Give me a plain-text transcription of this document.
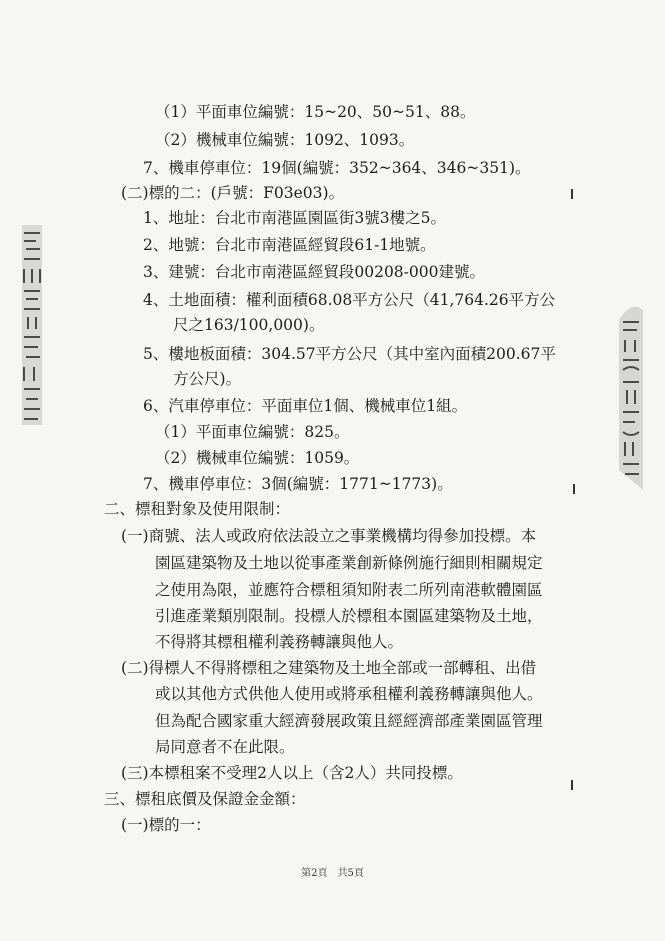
（1）平面車位編號：15~20、50~51、88。
（2）機械車位編號：1092、1093。
7、機車停車位：19個(編號：352~364、346~351)。
(二)標的二：(戶號：F03e03)。
1、地址：台北市南港區園區街3號3樓之5。
2、地號：台北市南港區經貿段61-1地號。
3、建號：台北市南港區經貿段00208-000建號。
4、土地面積：權利面積68.08平方公尺（41,764.26平方公
尺之163/100,000)。
5、樓地板面積：304.57平方公尺（其中室內面積200.67平
方公尺)。
6、汽車停車位：平面車位1個、機械車位1組。
（1）平面車位編號：825。
（2）機械車位編號：1059。
7、機車停車位：3個(編號：1771~1773)。
二、標租對象及使用限制：
(一)商號、法人或政府依法設立之事業機構均得參加投標。本
園區建築物及土地以從事產業創新條例施行細則相關規定
之使用為限，並應符合標租須知附表二所列南港軟體園區
引進產業類別限制。投標人於標租本園區建築物及土地，
不得將其標租權利義務轉讓與他人。
(二)得標人不得將標租之建築物及土地全部或一部轉租、出借
或以其他方式供他人使用或將承租權利義務轉讓與他人。
但為配合國家重大經濟發展政策且經經濟部產業園區管理
局同意者不在此限。
(三)本標租案不受理2人以上（含2人）共同投標。
三、標租底價及保證金金額：
(一)標的一：
第2頁　共5頁
